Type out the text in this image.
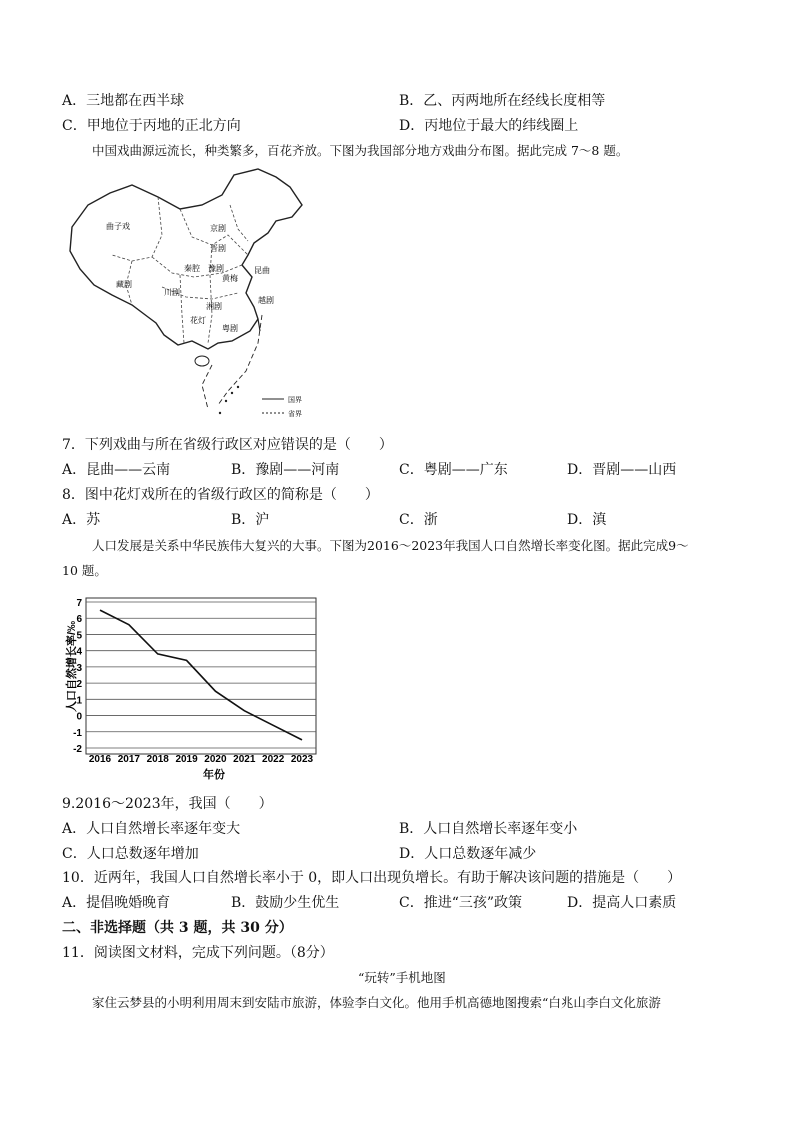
A．三地都在西半球	B．乙、丙两地所在经线长度相等
C．甲地位于丙地的正北方向	D．丙地位于最大的纬线圈上
中国戏曲源远流长，种类繁多，百花齐放。下图为我国部分地方戏曲分布图。据此完成 7～8 题。
曲子戏	京剧
晋剧
豫剧
秦腔
黄梅
昆曲
藏剧
川剧
湘剧
越剧
粤剧
花灯
国界
省界
7．下列戏曲与所在省级行政区对应错误的是（　　）
A．昆曲——云南	B．豫剧——河南	C．粤剧——广东	D．晋剧——山西
8．图中花灯戏所在的省级行政区的简称是（　　）
A．苏	B．沪	C．浙	D．滇
人口发展是关系中华民族伟大复兴的大事。下图为2016～2023年我国人口自然增长率变化图。据此完成9～
10 题。
人口自然增长率/‰
年份
7
6
5
4
3
2
1
0
-1
-2
2016 2017 2018 2019 2020 2021 2022 2023
9.2016～2023年，我国（　　）
A．人口自然增长率逐年变大	B．人口自然增长率逐年变小
C．人口总数逐年增加	D．人口总数逐年减少
10．近两年，我国人口自然增长率小于 0，即人口出现负增长。有助于解决该问题的措施是（　　）
A．提倡晚婚晚育	B．鼓励少生优生	C．推进“三孩”政策	D．提高人口素质
二、非选择题（共 3 题，共 30 分）
11．阅读图文材料，完成下列问题。（8分）
“玩转”手机地图
家住云梦县的小明利用周末到安陆市旅游，体验李白文化。他用手机高德地图搜索“白兆山李白文化旅游
